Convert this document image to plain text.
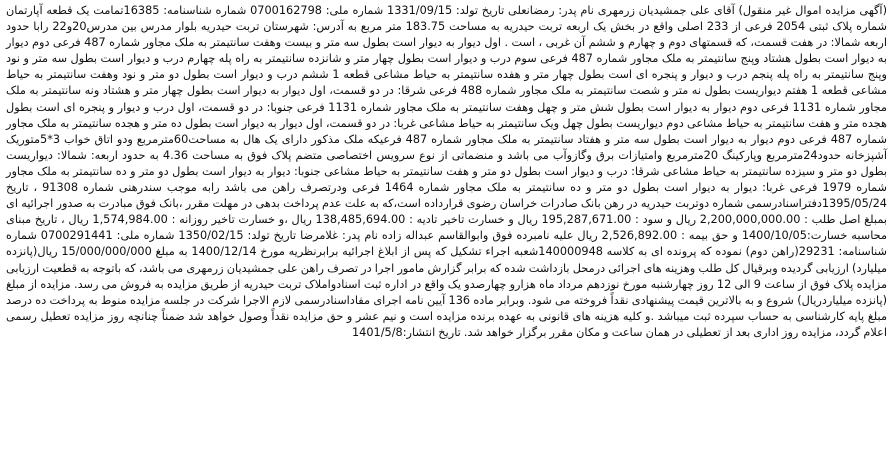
(آگهی مزایده اموال غیر منقول) آقای علی جمشیدیان زرمهری نام پدر: رمضانعلی تاریخ تولد: 1331/09/15 شماره ملی: 0700162798 شماره شناسنامه: 16385تمامت یک قطعه آپارتمان شماره پلاک ثبتی 2054 فرعی از 233 اصلی واقع در بخش یک اربعه تربت حیدریه به مساحت 183.75 متر مربع به آدرس: شهرستان تربت حیدریه بلوار مدرس بین مدرس20و22 رابا حدود اربعه شمالا: در هفت قسمت، که قسمتهای دوم و چهارم و ششم آن غربی ، است . اول دیوار به دیوار است بطول سه متر و بیست وهفت سانتیمتر به ملک مجاور شماره 487 فرعی دوم دیوار به دیوار است بطول هشتاد وپنج سانتیمتر به ملک مجاور شماره 487 فرعی سوم درب و دیوار است بطول چهار متر و شانزده سانتیمتر به راه پله چهارم درب و دیوار است بطول سه متر و نود وپنج سانتیمتر به راه پله پنجم درب و دیوار و پنجره ای است بطول چهار متر و هفده سانتیمتر به حیاط مشاعی قطعه 1 ششم درب و دیوار است بطول دو متر و نود وهفت سانتیمتر به حیاط مشاعی قطعه 1 هفتم دیواریست بطول نه متر و شصت سانتیمتر به ملک مجاور شماره 488 فرعی شرقا: در دو قسمت، اول دیوار به دیوار است بطول چهار متر و هشتاد ونه سانتیمتر به ملک مجاور شماره 1131 فرعی دوم دیوار به دیوار است بطول شش متر و چهل وهفت سانتیمتر به ملک مجاور شماره 1131 فرعی جنوبا: در دو قسمت، اول درب و دیوار و پنجره ای است بطول هجده متر و هفت سانتیمتر به حیاط مشاعی دوم دیواریست بطول چهل ویک سانتیمتر به حیاط مشاعی غربا: در دو قسمت، اول دیوار به دیوار است بطول ده متر و هجده سانتیمتر به ملک مجاور شماره 487 فرعی دوم دیوار به دیوار است بطول سه متر و هفتاد سانتیمتر به ملک مجاور شماره 487 فرعیکه ملک مذکور دارای یک هال به مساحت60مترمربع ودو اتاق خواب 3*5متوریک آشپزخانه حدود24مترمربع وپارکینگ 20مترمربع وامتیازات برق وگازوآب می باشد و منضماتی از نوع سرویس اختصاصی متضم پلاک فوق به مساحت 4.36 به حدود اربعه: شمالا: دیواریست بطول دو متر و سیزده سانتیمتر به حیاط مشاعی شرقا: درب و دیوار است بطول دو متر و هفت سانتیمتر به حیاط مشاعی جنوبا: دیوار به دیوار است بطول دو متر و ده سانتیمتر به ملک مجاور شماره 1979 فرعی غربا: دیوار به دیوار است بطول دو متر و ده سانتیمتر به ملک مجاور شماره 1464 فرعی ودرتصرف راهن می باشد رابه موجب سندرهنی شماره 91308 ، تاریخ 1395/05/24دفتراسنادرسمی شماره دوتربت حیدریه در رهن بانک صادرات خراسان رضوی قرارداده است،که به علت عدم پرداخت بدهی در مهلت مقرر ،بانک فوق مبادرت به صدور اجرائیه ای بمبلغ اصل طلب : 2,200,000,000.00 ریال و سود : 195,287,671.00 ریال و خسارت تاخیر تادیه : 138,485,694.00 ریال ،و خسارت تاخیر روزانه : 1,574,984.00 ریال ، تاریخ مبنای محاسبه خسارت:1400/10/05 و حق بیمه : 2,526,892.00 ریال علیه نامبرده فوق وابوالقاسم عبداله زاده نام پدر: غلامرضا تاریخ تولد: 1350/02/15 شماره ملی: 0700291441 شماره شناسنامه: 29231(راهن دوم) نموده که پرونده ای به کلاسه 140000948شعبه اجراء تشکیل که پس از ابلاغ اجرائیه برابرنظریه مورخ 1400/12/14 به مبلغ 15/000/000/000 ریال(پانزده میلیارد) ارزیابی گردیده وبرقیال کل طلب وهزینه های اجرائی درمحل بازداشت شده که برابر گزارش مامور اجرا در تصرف راهن علی جمشیدیان زرمهری می باشد، که باتوجه به قطعیت ارزیابی مزایده پلاک فوق از ساعت 9 الی 12 روز چهارشنبه مورخ نوزدهم مرداد ماه هزارو چهارصدو یک واقع در اداره ثبت اسنادواملاک تربت حیدریه از طریق مزایده به فروش می رسد. مزایده از مبلغ (پانزده میلیاردریال) شروع و به بالاترین قیمت پیشنهادی نقداً فروخته می شود. وبرابر ماده 136 آیین نامه اجرای مفاداسنادرسمی لازم الاجرا شرکت در جلسه مزایده منوط به پرداخت ده درصد مبلغ پایه کارشناسی به حساب سپرده ثبت میباشد .و کلیه هزینه های قانونی به عهده برنده مزایده است و نیم عشر و حق مزایده نقداً وصول خواهد شد ضمناً چنانچه روز مزایده تعطیل رسمی اعلام گردد، مزایده روز اداری بعد از تعطیلی در همان ساعت و مکان مقرر برگزار خواهد شد. تاریخ انتشار:1401/5/8
